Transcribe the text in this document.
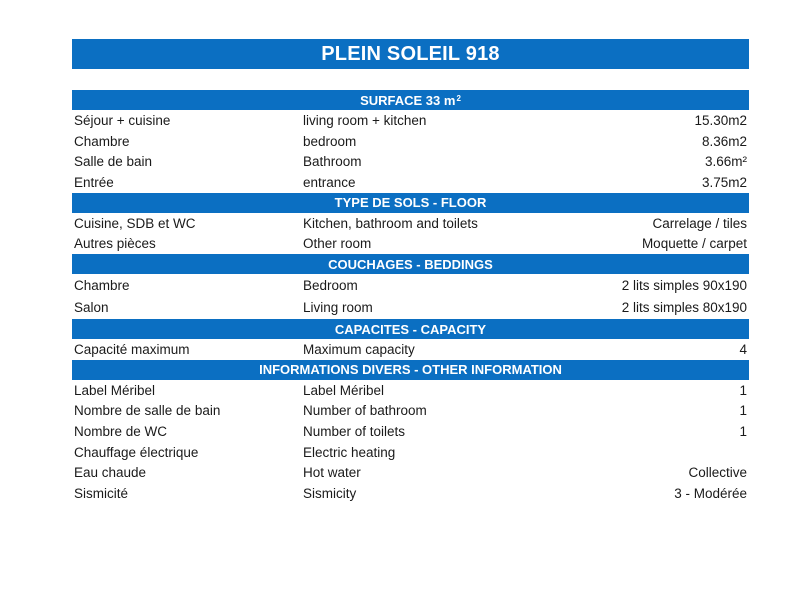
PLEIN SOLEIL 918
SURFACE 33 $m^2$
Séjour + cuisine	living room + kitchen	15.30m2
Chambre	bedroom	8.36m2
Salle de bain	Bathroom	3.66m²
Entrée	entrance	3.75m2
TYPE DE SOLS - FLOOR
Cuisine, SDB et WC	Kitchen, bathroom and toilets	Carrelage / tiles
Autres pièces	Other room	Moquette / carpet
COUCHAGES - BEDDINGS
Chambre	Bedroom	2 lits simples 90x190
Salon	Living room	2 lits simples 80x190
CAPACITES - CAPACITY
Capacité maximum	Maximum capacity	4
INFORMATIONS DIVERS - OTHER INFORMATION
Label Méribel	Label Méribel	1
Nombre de salle de bain	Number of bathroom	1
Nombre de WC	Number of toilets	1
Chauffage électrique	Electric heating
Eau chaude	Hot water	Collective
Sismicité	Sismicity	3 - Modérée
